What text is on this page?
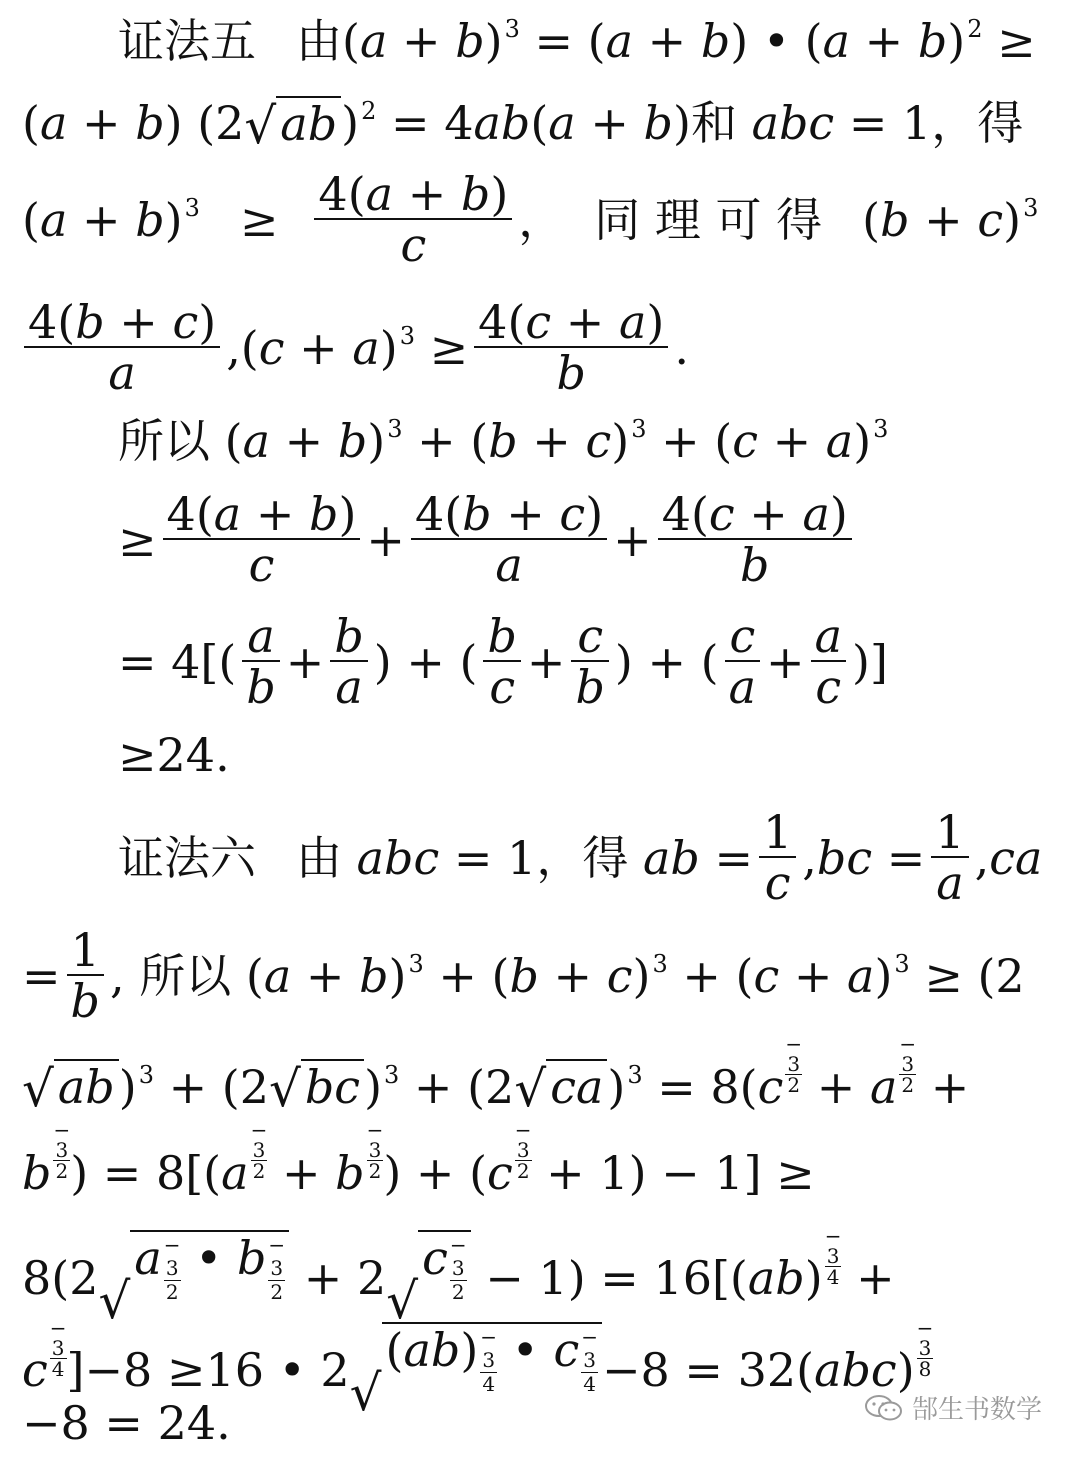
证法五 由 $(a + b)^3 = (a + b)$ • $(a + b)^2$ ≥
(a + b) (2 √ ab )$^2$ = 4ab(a + b) 和 abc = 1， 得
$(a + b)^3 \ge \frac{4(a + b)}{c}$ ， 同 理 可 得 $(b + c)^3$
$\frac{4(b + c)}{a} ,(c + a)^3 \ge \frac{4(c + a)}{b}$ .
所以 $(a + b)^3 + (b + c)^3 + (c + a)^3$
≥ $\frac{4(a + b)}{c} + \frac{4(b + c)}{a} + \frac{4(c + a)}{b}$
= $4[( \frac{a}{b} + \frac{b}{a}$ ) + ( $\frac{b}{c} + \frac{c}{b}$ ) + ( $\frac{c}{a} + \frac{a}{c}$ )]
≥24.
证法六 由 abc = 1， 得 ab = $\frac{1}{c} ,bc = \frac{1}{a} ,ca$
= $\frac{1}{b}$ , 所以 $(a + b)^3 + (b + c)^3 + (c + a)^3 \ge (2$
√ ab )$^3$ + (2 √ bc )$^3$ + (2 √ ca )$^3$ = 8(c
−
3
2 + a
−
3
2 +
b
−
3
2 ) = 8[(a
−
3
2 + b
−
3
2 ) + (c
−
3
2 + 1) − 1] ≥
8(2 √
a −
3
2
• b −
3
2 + 2 √
c −
3
2 − 1) = 16[(ab)
−
3
4 +
c
−
3
4 ]−8 ≥16 • 2 √
(ab) −
3
4
• c −
3
4 −8 = 32(abc)
−
3
8
−8 = 24.	郜生书数学
